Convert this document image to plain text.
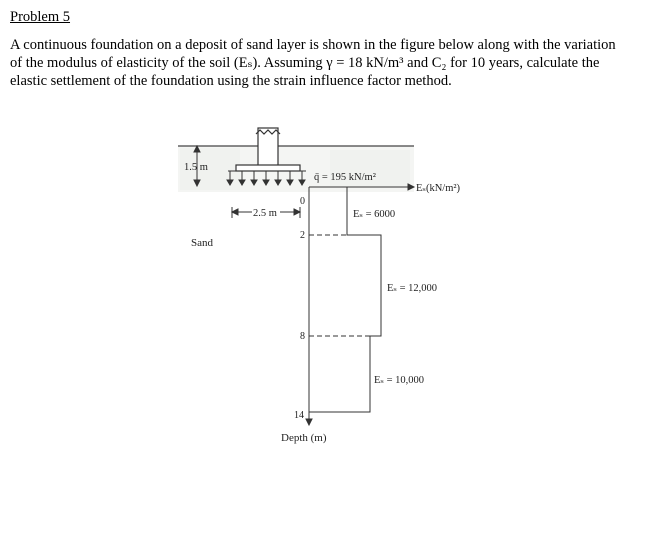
Problem 5
A continuous foundation on a deposit of sand layer is shown in the figure below along with the variation
of the modulus of elasticity of the soil (Eₛ). Assuming γ = 18 kN/m³ and C₂ for 10 years, calculate the
elastic settlement of the foundation using the strain influence factor method.
1.5 m
2.5 m
q̄ = 195 kN/m²
Eₛ(kN/m²)
0
2
8
14
Depth (m)
Eₛ = 6000
Eₛ = 12,000
Eₛ = 10,000
Sand
